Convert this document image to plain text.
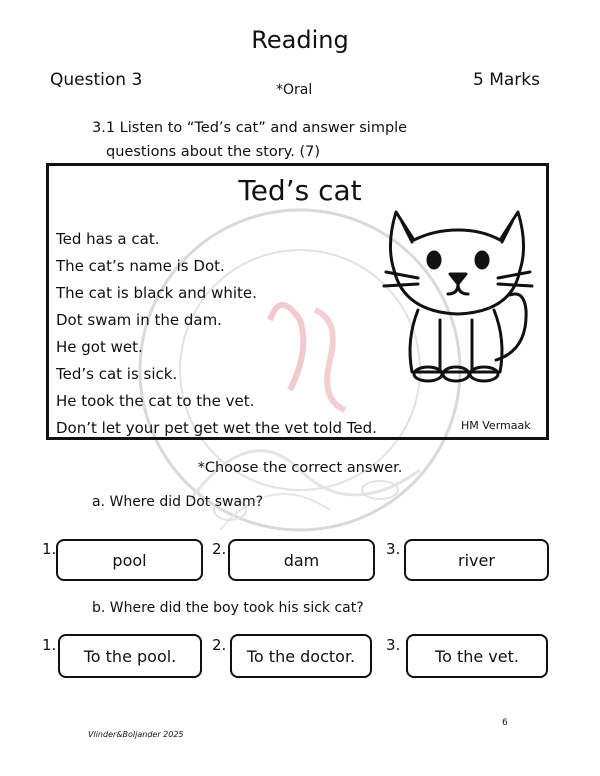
Reading
Question 3	5 Marks
*Oral
3.1 Listen to “Ted’s cat” and answer simple
questions about the story. (7)
Ted’s cat
Ted has a cat.
The cat’s name is Dot.
The cat is black and white.
Dot swam in the dam.
He got wet.
Ted’s cat is sick.
He took the cat to the vet.
Don’t let your pet get wet the vet told Ted.	HM Vermaak
*Choose the correct answer.
a. Where did Dot swam?
1.
pool
2.
dam
3.
river
b. Where did the boy took his sick cat?
1.
To the pool.
2.
To the doctor.
3.
To the vet.
Vlinder&Boljander 2025
6
